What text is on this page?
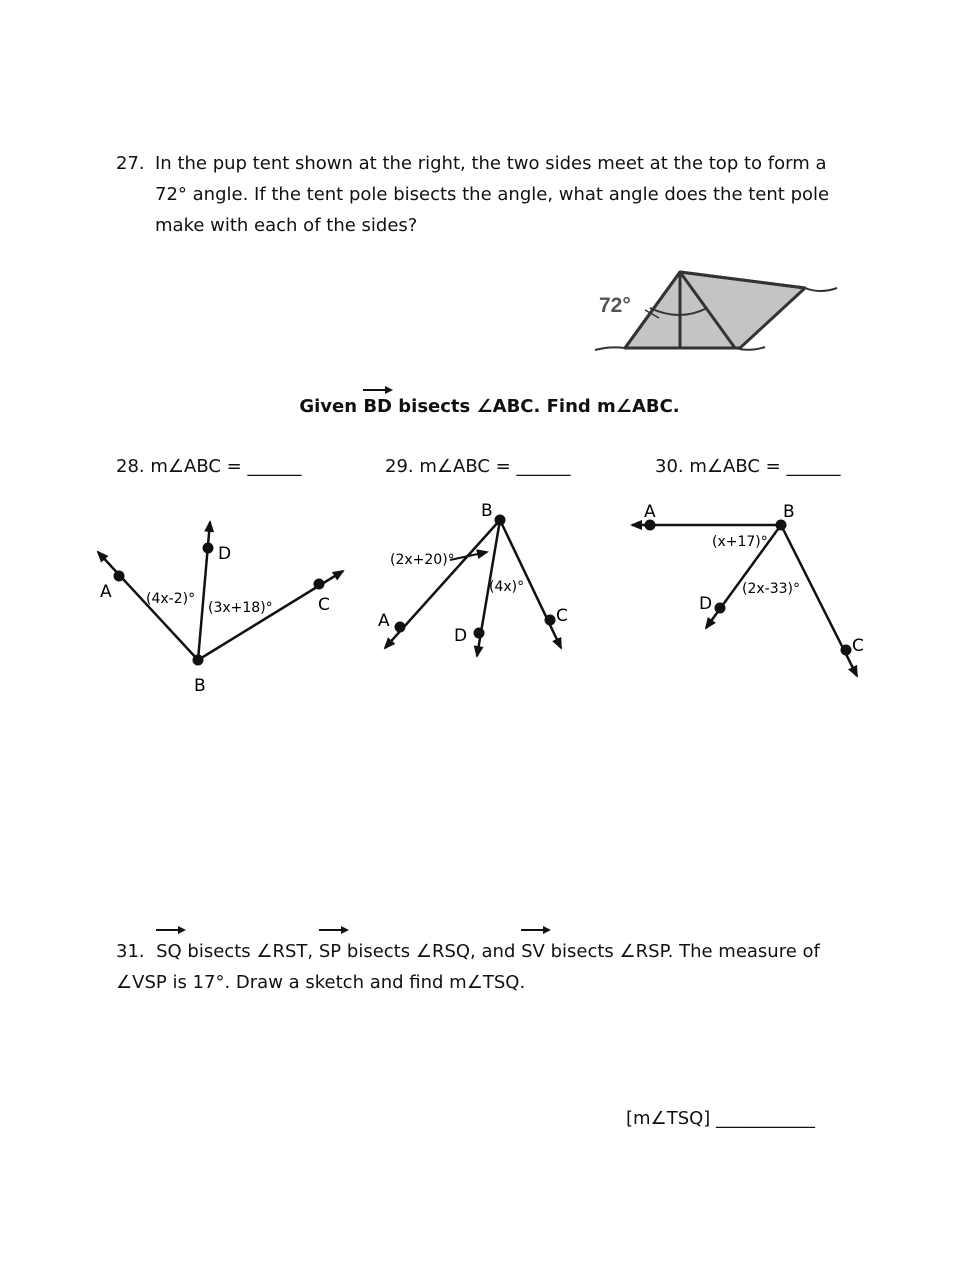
27. In the pup tent shown at the right, the two sides meet at the top to form a 72° angle. If the tent pole bisects the angle, what angle does the tent pole make with each of the sides?
72°
Given BD bisects ∠ABC. Find m∠ABC.
28. m∠ABC = ______	29. m∠ABC = ______	30. m∠ABC = ______
A
B
D
C
(4x-2)°
(3x+18)°
B
A
D
C
(2x+20)°
(4x)°
A	B
D
C
(x+17)°
(2x-33)°
31. SQ bisects ∠RST, SP bisects ∠RSQ, and SV bisects ∠RSP. The measure of ∠VSP is 17°. Draw a sketch and find m∠TSQ.
[m∠TSQ] ___________
